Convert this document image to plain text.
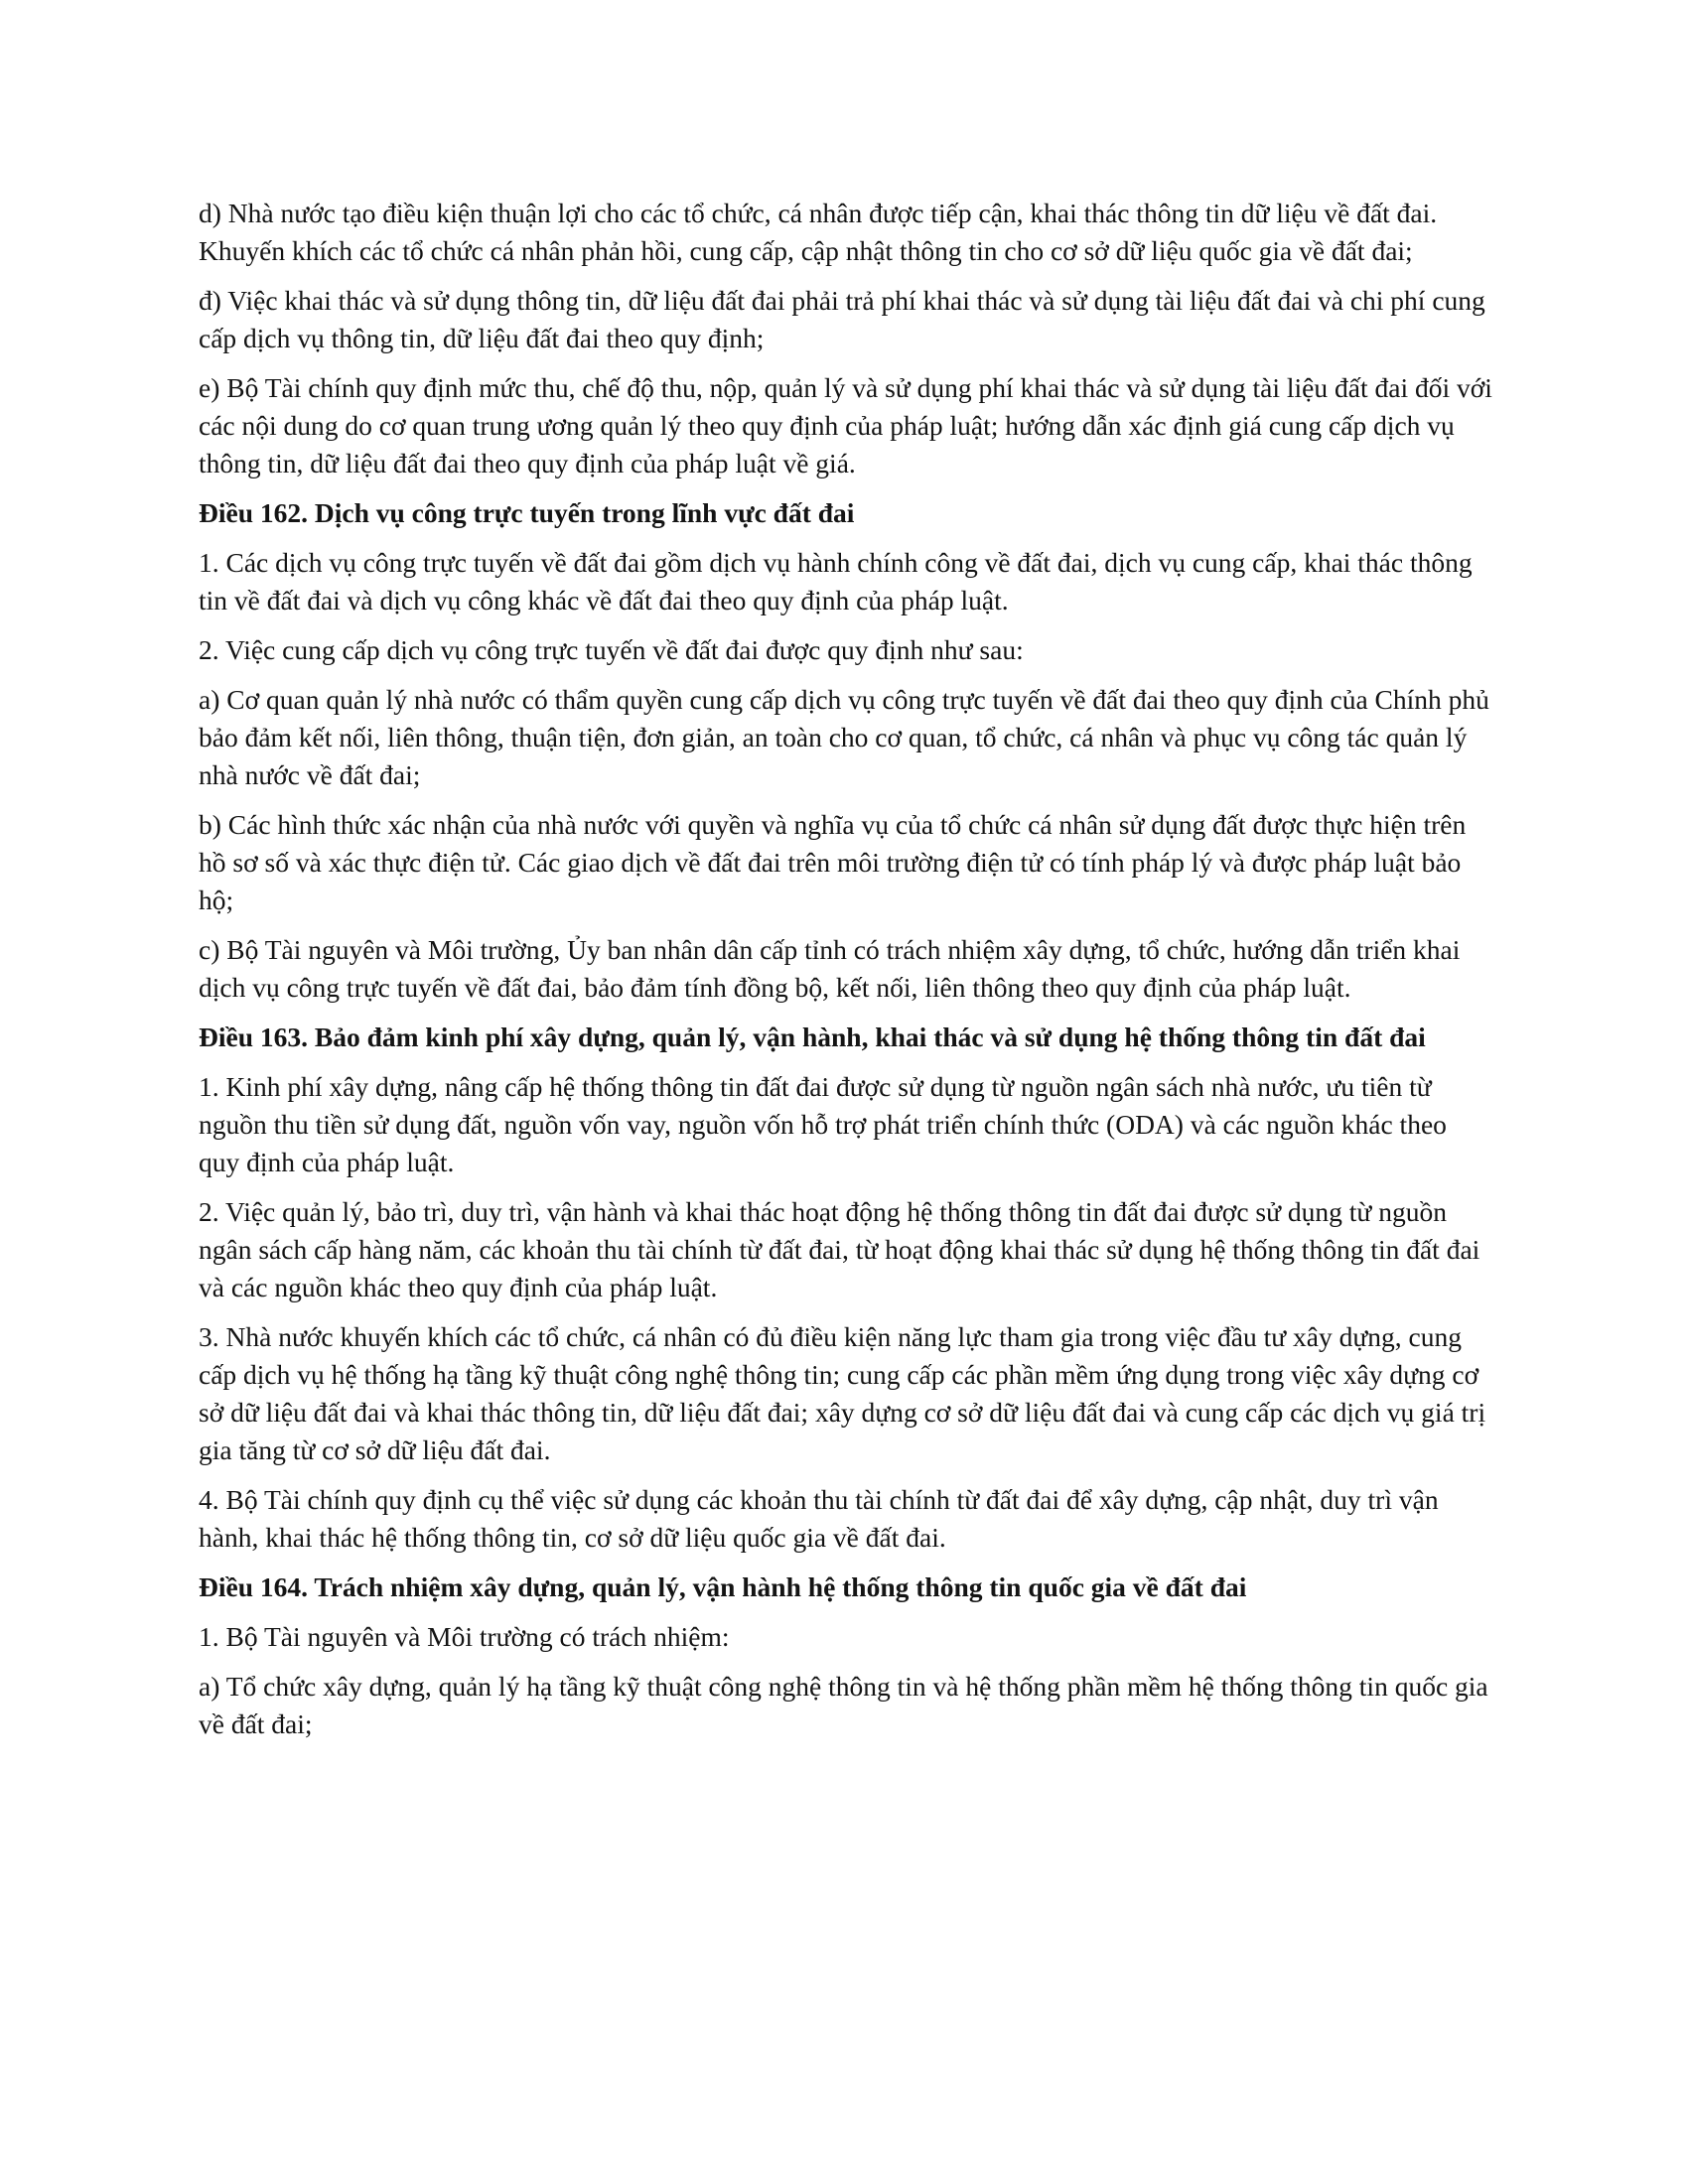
d) Nhà nước tạo điều kiện thuận lợi cho các tổ chức, cá nhân được tiếp cận, khai thác thông tin dữ liệu về đất đai. Khuyến khích các tổ chức cá nhân phản hồi, cung cấp, cập nhật thông tin cho cơ sở dữ liệu quốc gia về đất đai;

đ) Việc khai thác và sử dụng thông tin, dữ liệu đất đai phải trả phí khai thác và sử dụng tài liệu đất đai và chi phí cung cấp dịch vụ thông tin, dữ liệu đất đai theo quy định;

e) Bộ Tài chính quy định mức thu, chế độ thu, nộp, quản lý và sử dụng phí khai thác và sử dụng tài liệu đất đai đối với các nội dung do cơ quan trung ương quản lý theo quy định của pháp luật; hướng dẫn xác định giá cung cấp dịch vụ thông tin, dữ liệu đất đai theo quy định của pháp luật về giá.

Điều 162. Dịch vụ công trực tuyến trong lĩnh vực đất đai

1. Các dịch vụ công trực tuyến về đất đai gồm dịch vụ hành chính công về đất đai, dịch vụ cung cấp, khai thác thông tin về đất đai và dịch vụ công khác về đất đai theo quy định của pháp luật.

2. Việc cung cấp dịch vụ công trực tuyến về đất đai được quy định như sau:

a) Cơ quan quản lý nhà nước có thẩm quyền cung cấp dịch vụ công trực tuyến về đất đai theo quy định của Chính phủ bảo đảm kết nối, liên thông, thuận tiện, đơn giản, an toàn cho cơ quan, tổ chức, cá nhân và phục vụ công tác quản lý nhà nước về đất đai;

b) Các hình thức xác nhận của nhà nước với quyền và nghĩa vụ của tổ chức cá nhân sử dụng đất được thực hiện trên hồ sơ số và xác thực điện tử. Các giao dịch về đất đai trên môi trường điện tử có tính pháp lý và được pháp luật bảo hộ;

c) Bộ Tài nguyên và Môi trường, Ủy ban nhân dân cấp tỉnh có trách nhiệm xây dựng, tổ chức, hướng dẫn triển khai dịch vụ công trực tuyến về đất đai, bảo đảm tính đồng bộ, kết nối, liên thông theo quy định của pháp luật.

Điều 163. Bảo đảm kinh phí xây dựng, quản lý, vận hành, khai thác và sử dụng hệ thống thông tin đất đai

1. Kinh phí xây dựng, nâng cấp hệ thống thông tin đất đai được sử dụng từ nguồn ngân sách nhà nước, ưu tiên từ nguồn thu tiền sử dụng đất, nguồn vốn vay, nguồn vốn hỗ trợ phát triển chính thức (ODA) và các nguồn khác theo quy định của pháp luật.

2. Việc quản lý, bảo trì, duy trì, vận hành và khai thác hoạt động hệ thống thông tin đất đai được sử dụng từ nguồn ngân sách cấp hàng năm, các khoản thu tài chính từ đất đai, từ hoạt động khai thác sử dụng hệ thống thông tin đất đai và các nguồn khác theo quy định của pháp luật.

3. Nhà nước khuyến khích các tổ chức, cá nhân có đủ điều kiện năng lực tham gia trong việc đầu tư xây dựng, cung cấp dịch vụ hệ thống hạ tầng kỹ thuật công nghệ thông tin; cung cấp các phần mềm ứng dụng trong việc xây dựng cơ sở dữ liệu đất đai và khai thác thông tin, dữ liệu đất đai; xây dựng cơ sở dữ liệu đất đai và cung cấp các dịch vụ giá trị gia tăng từ cơ sở dữ liệu đất đai.

4. Bộ Tài chính quy định cụ thể việc sử dụng các khoản thu tài chính từ đất đai để xây dựng, cập nhật, duy trì vận hành, khai thác hệ thống thông tin, cơ sở dữ liệu quốc gia về đất đai.

Điều 164. Trách nhiệm xây dựng, quản lý, vận hành hệ thống thông tin quốc gia về đất đai

1. Bộ Tài nguyên và Môi trường có trách nhiệm:

a) Tổ chức xây dựng, quản lý hạ tầng kỹ thuật công nghệ thông tin và hệ thống phần mềm hệ thống thông tin quốc gia về đất đai;
